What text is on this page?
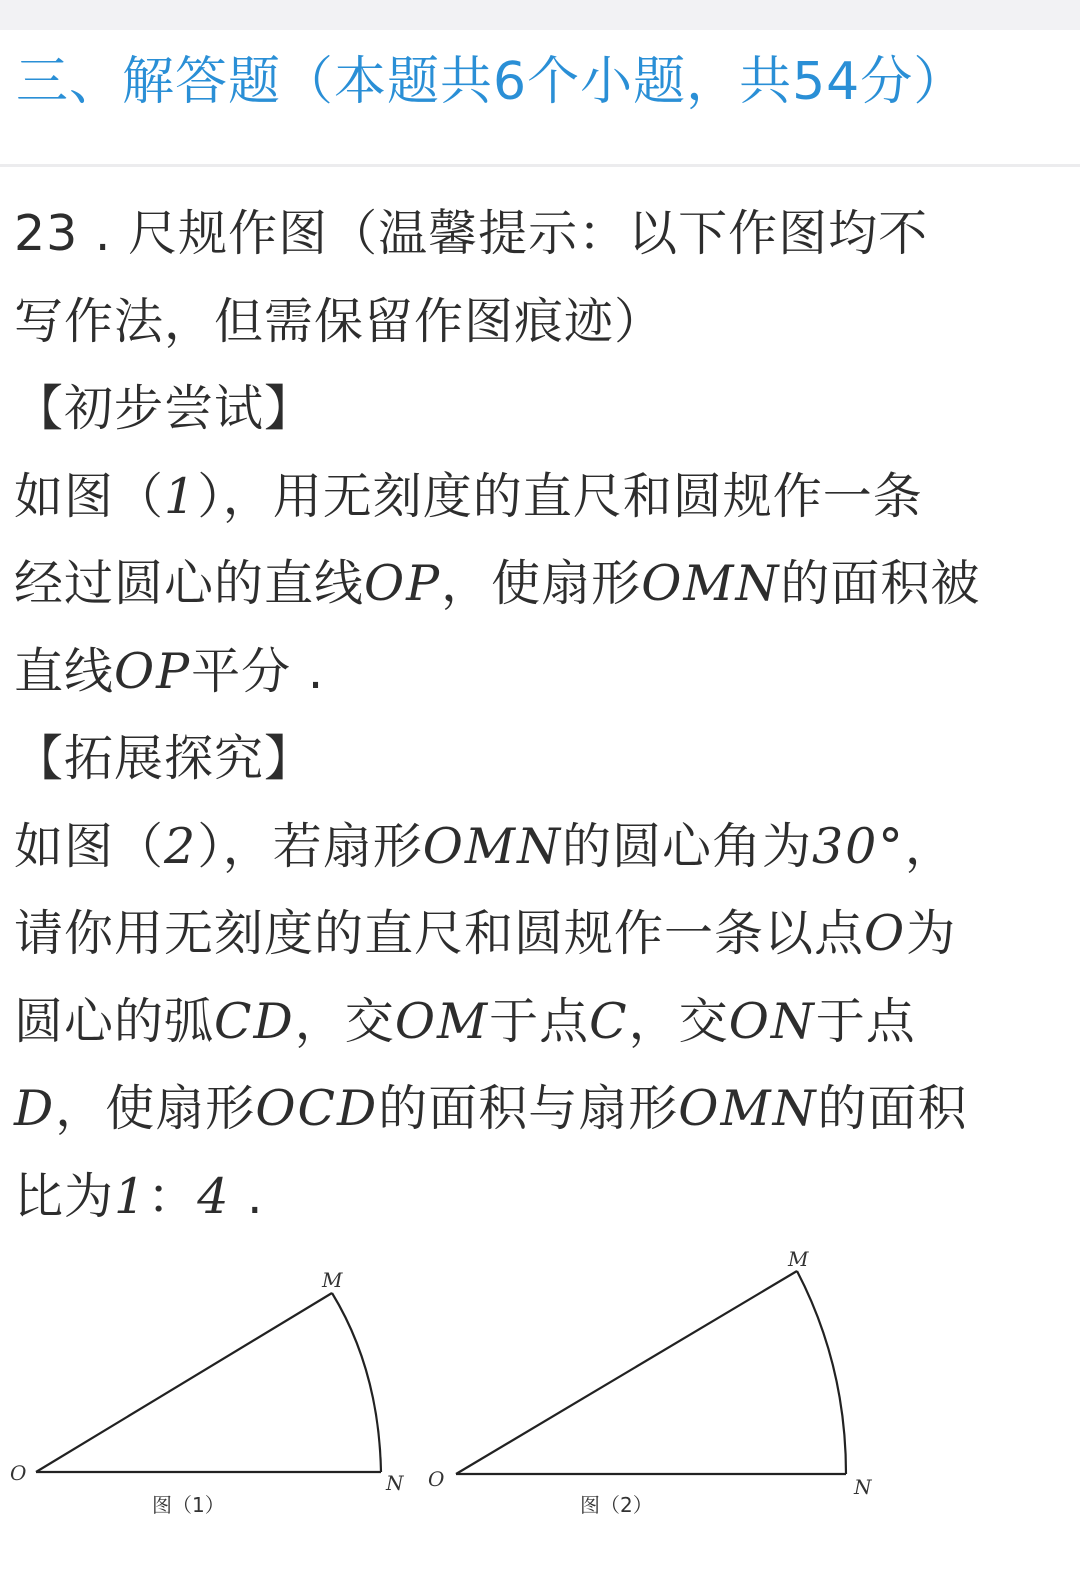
三、解答题（本题共6个小题，共54分）
23 . 尺规作图（温馨提示：以下作图均不
写作法，但需保留作图痕迹）
【初步尝试】
如图（1），用无刻度的直尺和圆规作一条
经过圆心的直线OP，使扇形OMN的面积被
直线OP平分 .
【拓展探究】
如图（2），若扇形OMN的圆心角为30°，
请你用无刻度的直尺和圆规作一条以点O为
圆心的弧CD，交OM于点C，交ON于点
D，使扇形OCD的面积与扇形OMN的面积
比为1：4 .
O
M
N
图（1）
O
M
N
图（2）
